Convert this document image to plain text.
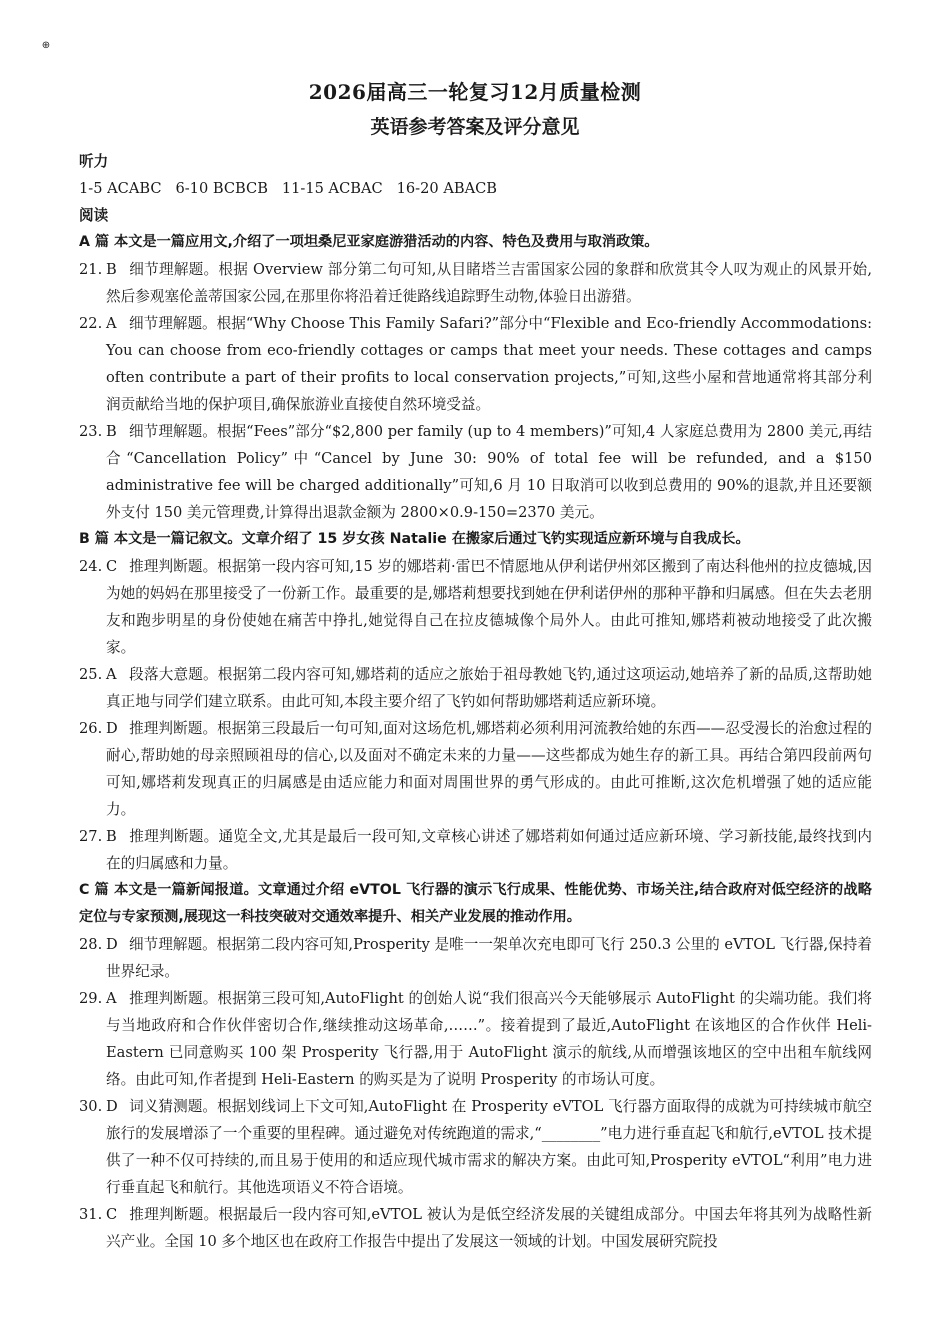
⊕
2026届高三一轮复习12月质量检测
英语参考答案及评分意见
听力
1-5 ACABC   6-10 BCBCB   11-15 ACBAC   16-20 ABACB
阅读
A 篇 本文是一篇应用文,介绍了一项坦桑尼亚家庭游猎活动的内容、特色及费用与取消政策。
21. B 细节理解题。根据 Overview 部分第二句可知,从目睹塔兰吉雷国家公园的象群和欣赏其令人叹为观止的风景开始,然后参观塞伦盖蒂国家公园,在那里你将沿着迁徙路线追踪野生动物,体验日出游猎。
22. A 细节理解题。根据“Why Choose This Family Safari?”部分中“Flexible and Eco-friendly Accommodations: You can choose from eco-friendly cottages or camps that meet your needs. These cottages and camps often contribute a part of their profits to local conservation projects,”可知,这些小屋和营地通常将其部分利润贡献给当地的保护项目,确保旅游业直接使自然环境受益。
23. B 细节理解题。根据“Fees”部分“$2,800 per family (up to 4 members)”可知,4 人家庭总费用为 2800 美元,再结合“Cancellation Policy”中“Cancel by June 30: 90% of total fee will be refunded, and a $150 administrative fee will be charged additionally”可知,6 月 10 日取消可以收到总费用的 90%的退款,并且还要额外支付 150 美元管理费,计算得出退款金额为 2800×0.9-150=2370 美元。
B 篇 本文是一篇记叙文。文章介绍了 15 岁女孩 Natalie 在搬家后通过飞钓实现适应新环境与自我成长。
24. C 推理判断题。根据第一段内容可知,15 岁的娜塔莉·雷巴不情愿地从伊利诺伊州郊区搬到了南达科他州的拉皮德城,因为她的妈妈在那里接受了一份新工作。最重要的是,娜塔莉想要找到她在伊利诺伊州的那种平静和归属感。但在失去老朋友和跑步明星的身份使她在痛苦中挣扎,她觉得自己在拉皮德城像个局外人。由此可推知,娜塔莉被动地接受了此次搬家。
25. A 段落大意题。根据第二段内容可知,娜塔莉的适应之旅始于祖母教她飞钓,通过这项运动,她培养了新的品质,这帮助她真正地与同学们建立联系。由此可知,本段主要介绍了飞钓如何帮助娜塔莉适应新环境。
26. D 推理判断题。根据第三段最后一句可知,面对这场危机,娜塔莉必须利用河流教给她的东西——忍受漫长的治愈过程的耐心,帮助她的母亲照顾祖母的信心,以及面对不确定未来的力量——这些都成为她生存的新工具。再结合第四段前两句可知,娜塔莉发现真正的归属感是由适应能力和面对周围世界的勇气形成的。由此可推断,这次危机增强了她的适应能力。
27. B 推理判断题。通览全文,尤其是最后一段可知,文章核心讲述了娜塔莉如何通过适应新环境、学习新技能,最终找到内在的归属感和力量。
C 篇 本文是一篇新闻报道。文章通过介绍 eVTOL 飞行器的演示飞行成果、性能优势、市场关注,结合政府对低空经济的战略定位与专家预测,展现这一科技突破对交通效率提升、相关产业发展的推动作用。
28. D 细节理解题。根据第二段内容可知,Prosperity 是唯一一架单次充电即可飞行 250.3 公里的 eVTOL 飞行器,保持着世界纪录。
29. A 推理判断题。根据第三段可知,AutoFlight 的创始人说“我们很高兴今天能够展示 AutoFlight 的尖端功能。我们将与当地政府和合作伙伴密切合作,继续推动这场革命,……”。接着提到了最近,AutoFlight 在该地区的合作伙伴 Heli-Eastern 已同意购买 100 架 Prosperity 飞行器,用于 AutoFlight 演示的航线,从而增强该地区的空中出租车航线网络。由此可知,作者提到 Heli-Eastern 的购买是为了说明 Prosperity 的市场认可度。
30. D 词义猜测题。根据划线词上下文可知,AutoFlight 在 Prosperity eVTOL 飞行器方面取得的成就为可持续城市航空旅行的发展增添了一个重要的里程碑。通过避免对传统跑道的需求,“________”电力进行垂直起飞和航行,eVTOL 技术提供了一种不仅可持续的,而且易于使用的和适应现代城市需求的解决方案。由此可知,Prosperity eVTOL“利用”电力进行垂直起飞和航行。其他选项语义不符合语境。
31. C 推理判断题。根据最后一段内容可知,eVTOL 被认为是低空经济发展的关键组成部分。中国去年将其列为战略性新兴产业。全国 10 多个地区也在政府工作报告中提出了发展这一领域的计划。中国发展研究院投
